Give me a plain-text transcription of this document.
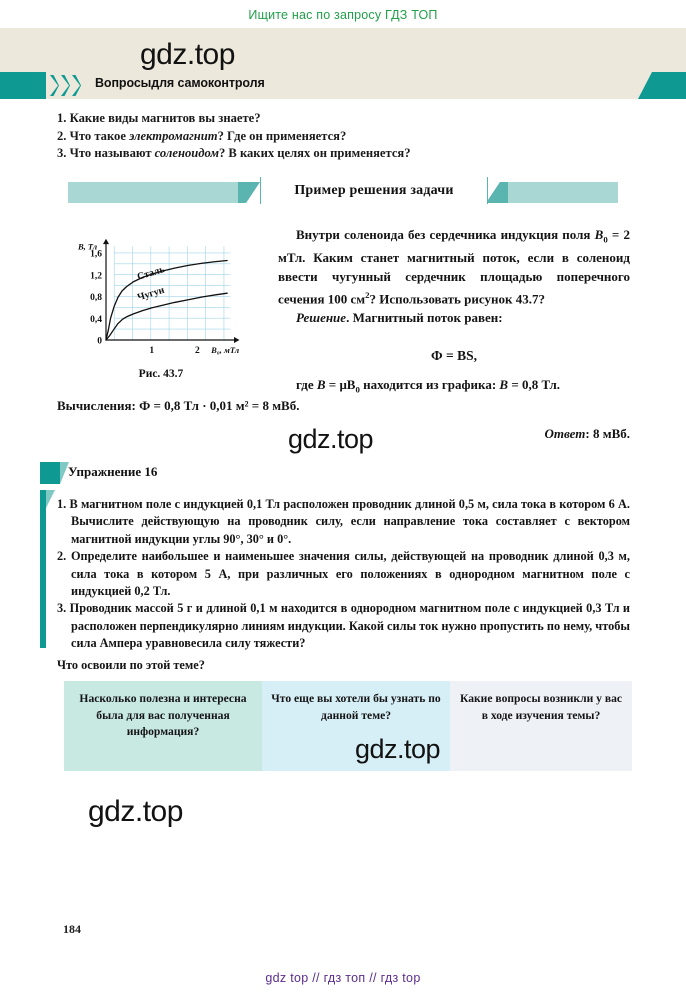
Ищите нас по запросу ГДЗ ТОП
gdz.top
Вопросыдля самоконтроля
1. Какие виды магнитов вы знаете?
2. Что такое электромагнит? Где он применяется?
3. Что называют соленоидом? В каких целях он применяется?
Пример решения задачи
0
0,4
0,8
1,2
1,6
1	2
B, Тл
B₀, мТл
Сталь
Чугун
Рис. 43.7
Внутри соленоида без сердечника индукция поля $B_0 = 2$ мТл. Каким станет магнитный поток, если в соленоид ввести чугунный сердечник площадью поперечного сечения 100 $см^2$? Использовать рисунок 43.7?
Решение. Магнитный поток равен:
Ф = BS,
где $B = \mu B_0$ находится из графика: B = 0,8 Тл.
Вычисления: Ф = 0,8 Тл · 0,01 м² = 8 мВб.
Ответ: 8 мВб.
gdz.top
Упражнение 16
1. В магнитном поле с индукцией 0,1 Тл расположен проводник длиной 0,5 м, сила тока в котором 6 А. Вычислите действующую на проводник силу, если направление тока составляет с вектором магнитной индукции углы 90°, 30° и 0°.
2. Определите наибольшее и наименьшее значения силы, действующей на проводник длиной 0,3 м, сила тока в котором 5 А, при различных его положениях в однородном магнитном поле с индукцией 0,2 Тл.
3. Проводник массой 5 г и длиной 0,1 м находится в однородном магнитном поле с индукцией 0,3 Тл и расположен перпендикулярно линиям индукции. Какой силы ток нужно пропустить по нему, чтобы сила Ампера уравновесила силу тяжести?
Что освоили по этой теме?
Насколько полезна и интересна была для вас полученная информация?
Что еще вы хотели бы узнать по данной теме?
Какие вопросы возникли у вас в ходе изучения темы?
gdz.top
gdz.top
184
gdz top // гдз топ // гдз top
